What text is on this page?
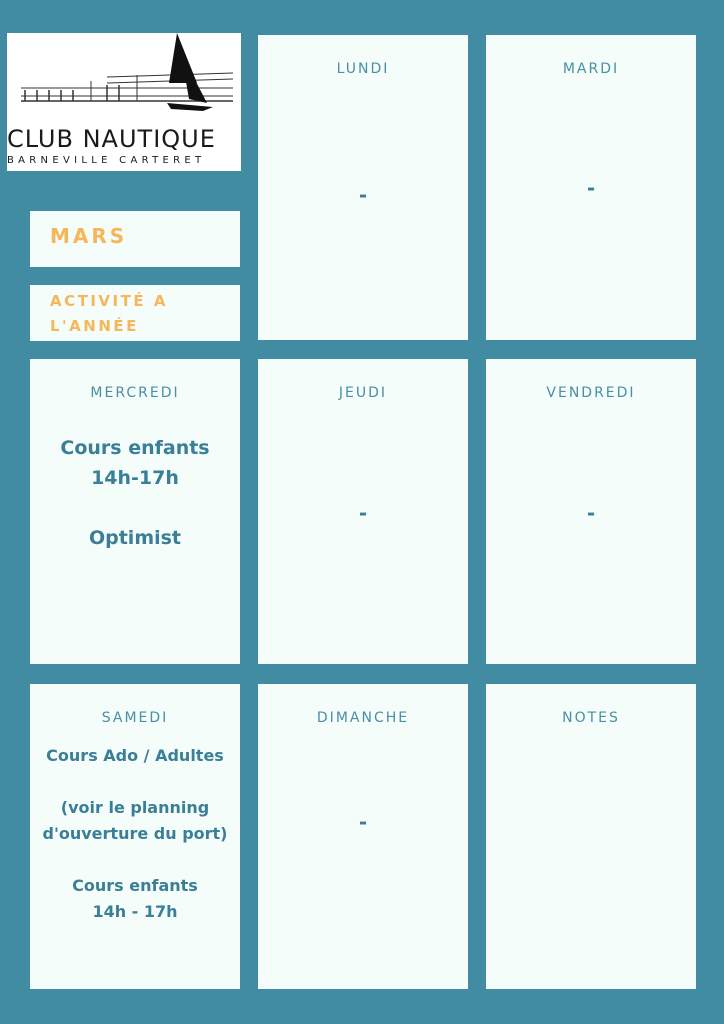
CLUB NAUTIQUE
BARNEVILLE CARTERET
MARS
ACTIVITÉ A L'ANNÉE
LUNDI
-
MARDI
-
MERCREDI
Cours enfants
14h-17h
Optimist
JEUDI
-
VENDREDI
-
SAMEDI
Cours Ado / Adultes
(voir le planning
d'ouverture du port)
Cours enfants
14h - 17h
DIMANCHE
-
NOTES
